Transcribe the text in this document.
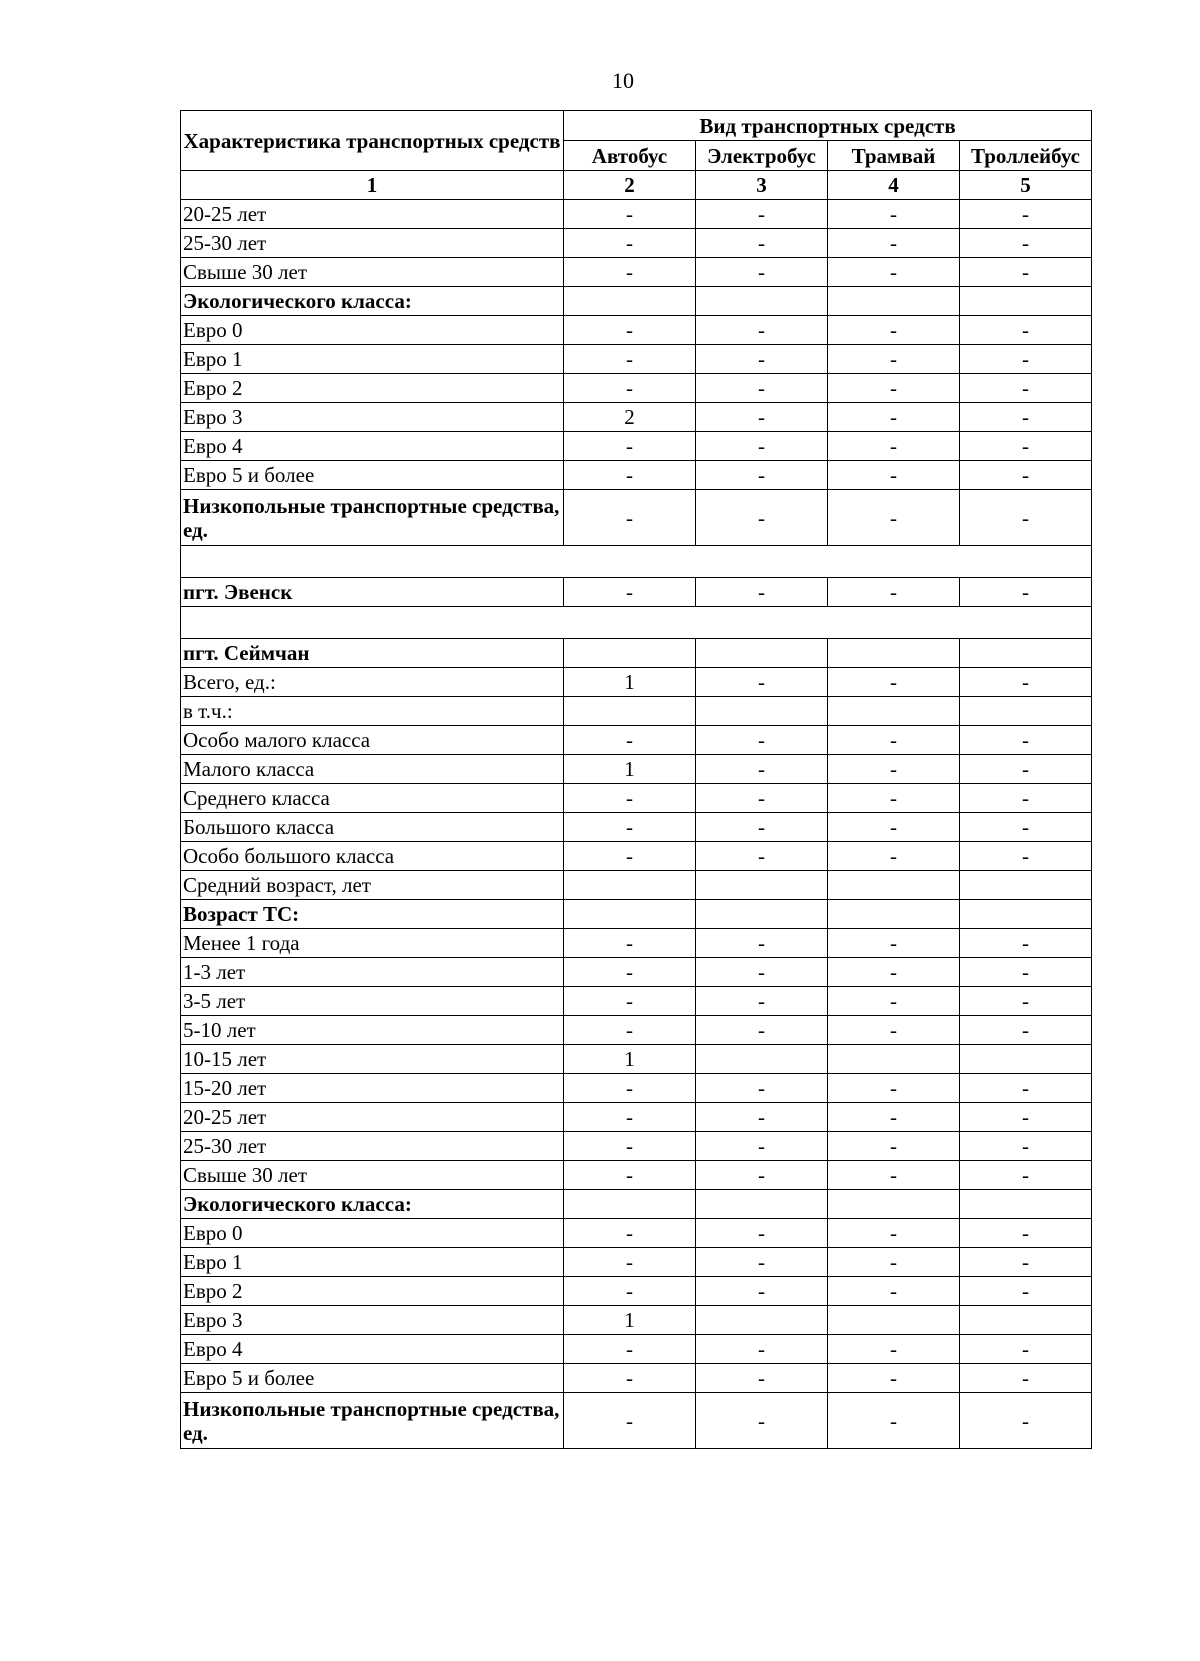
10
Характеристика транспортных средств	Вид транспортных средств			
	Автобус	Электробус	Трамвай	Троллейбус
1	2	3	4	5
20-25 лет	-	-	-	-
25-30 лет	-	-	-	-
Свыше 30 лет	-	-	-	-
Экологического класса:				
Евро 0	-	-	-	-
Евро 1	-	-	-	-
Евро 2	-	-	-	-
Евро 3	2	-	-	-
Евро 4	-	-	-	-
Евро 5 и более	-	-	-	-
Низкопольные транспортные средства, ед.	-	-	-	-

пгт. Эвенск	-	-	-	-

пгт. Сеймчан				
Всего, ед.:	1	-	-	-
в т.ч.:				
Особо малого класса	-	-	-	-
Малого класса	1	-	-	-
Среднего класса	-	-	-	-
Большого класса	-	-	-	-
Особо большого класса	-	-	-	-
Средний возраст, лет				
Возраст ТС:				
Менее 1 года	-	-	-	-
1-3 лет	-	-	-	-
3-5 лет	-	-	-	-
5-10 лет	-	-	-	-
10-15 лет	1			
15-20 лет	-	-	-	-
20-25 лет	-	-	-	-
25-30 лет	-	-	-	-
Свыше 30 лет	-	-	-	-
Экологического класса:				
Евро 0	-	-	-	-
Евро 1	-	-	-	-
Евро 2	-	-	-	-
Евро 3	1			
Евро 4	-	-	-	-
Евро 5 и более	-	-	-	-
Низкопольные транспортные средства, ед.	-	-	-	-
